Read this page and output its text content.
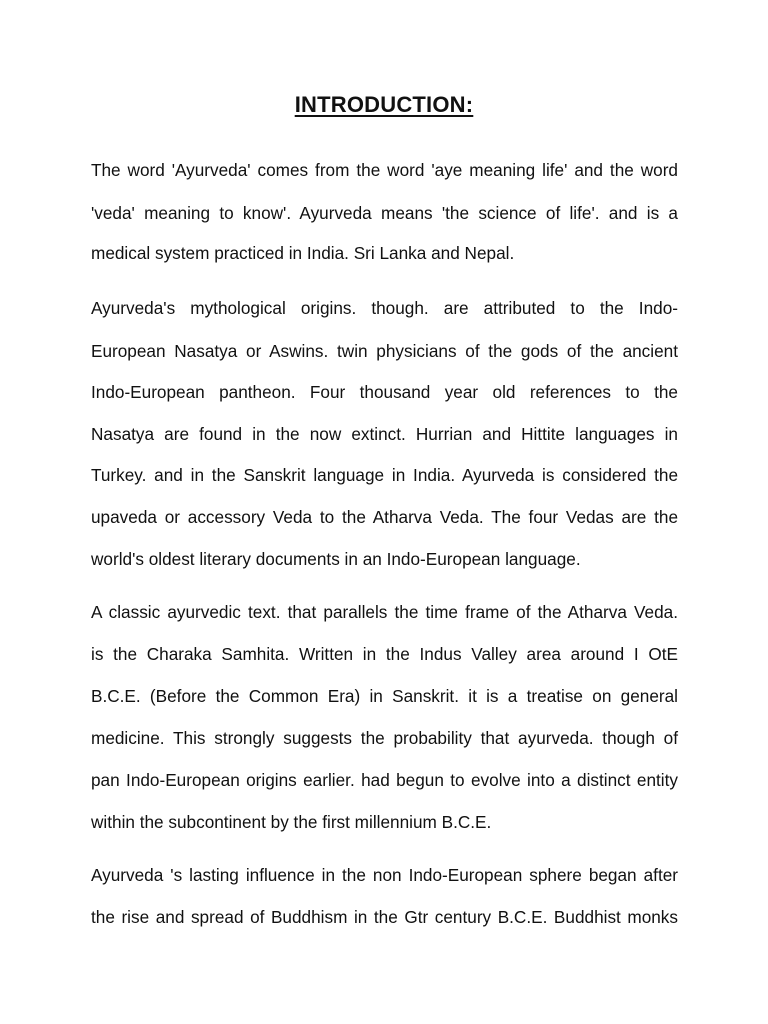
INTRODUCTION:
The word 'Ayurveda' comes from the word 'aye meaning life' and the word
'veda' meaning to know'. Ayurveda means 'the science of life'. and is a
medical system practiced in India. Sri Lanka and Nepal.
Ayurveda's mythological origins. though. are attributed to the Indo-
European Nasatya or Aswins. twin physicians of the gods of the ancient
Indo-European pantheon. Four thousand year old references to the
Nasatya are found in the now extinct. Hurrian and Hittite languages in
Turkey. and in the Sanskrit language in India. Ayurveda is considered the
upaveda or accessory Veda to the Atharva Veda. The four Vedas are the
world's oldest literary documents in an Indo-European language.
A classic ayurvedic text. that parallels the time frame of the Atharva Veda.
is the Charaka Samhita. Written in the Indus Valley area around I OtE
B.C.E. (Before the Common Era) in Sanskrit. it is a treatise on general
medicine. This strongly suggests the probability that ayurveda. though of
pan Indo-European origins earlier. had begun to evolve into a distinct entity
within the subcontinent by the first millennium B.C.E.
Ayurveda 's lasting influence in the non Indo-European sphere began after
the rise and spread of Buddhism in the Gtr century B.C.E. Buddhist monks
